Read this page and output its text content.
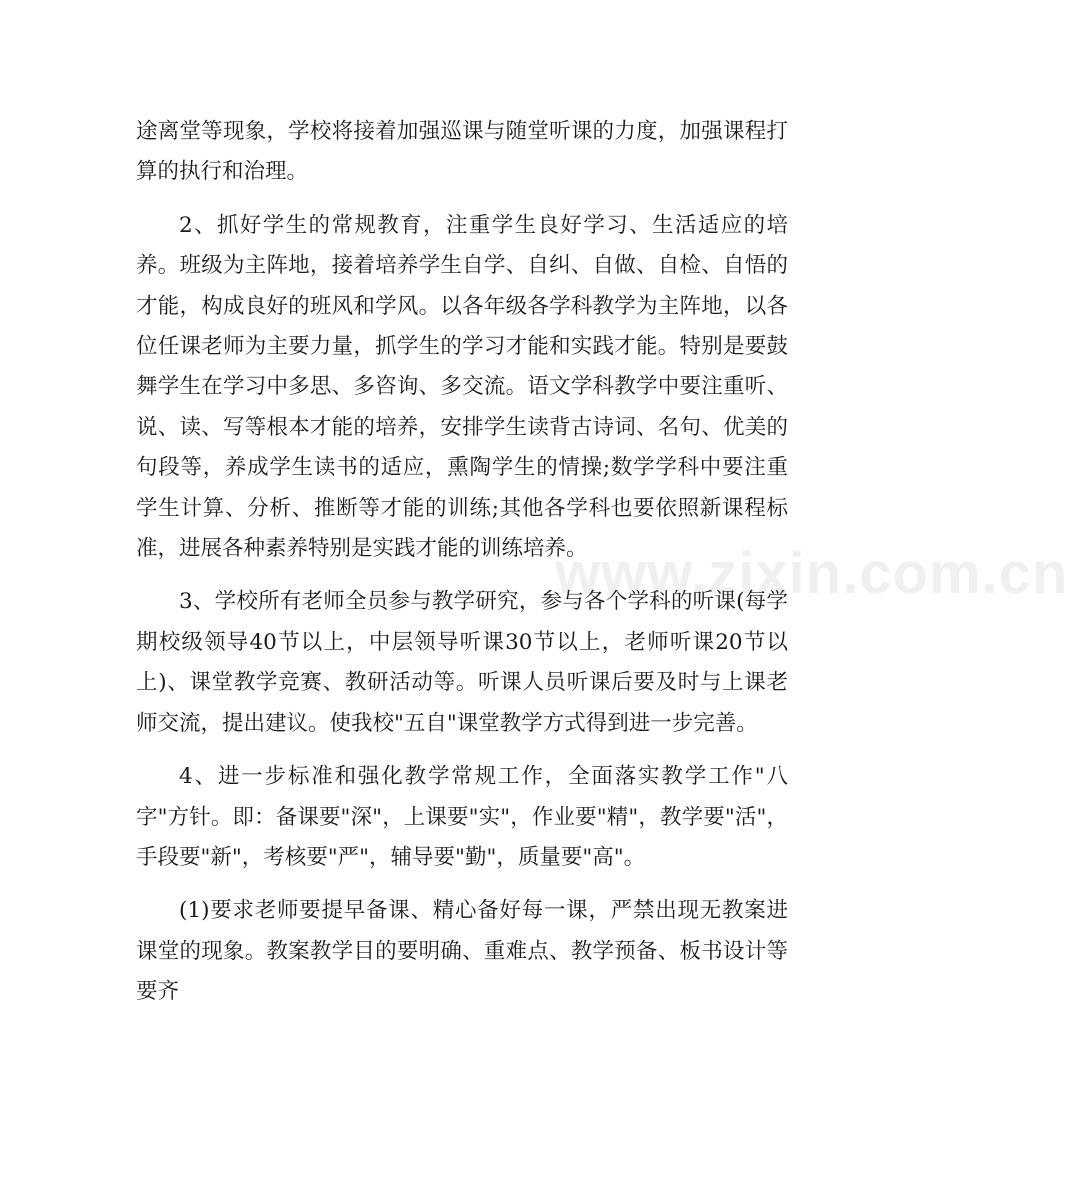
途离堂等现象，学校将接着加强巡课与随堂听课的力度，加强课程打算的执行和治理。

2、抓好学生的常规教育，注重学生良好学习、生活适应的培养。班级为主阵地，接着培养学生自学、自纠、自做、自检、自悟的才能，构成良好的班风和学风。以各年级各学科教学为主阵地，以各位任课老师为主要力量，抓学生的学习才能和实践才能。特别是要鼓舞学生在学习中多思、多咨询、多交流。语文学科教学中要注重听、说、读、写等根本才能的培养，安排学生读背古诗词、名句、优美的句段等，养成学生读书的适应，熏陶学生的情操;数学学科中要注重学生计算、分析、推断等才能的训练;其他各学科也要依照新课程标准，进展各种素养特别是实践才能的训练培养。

3、学校所有老师全员参与教学研究，参与各个学科的听课(每学期校级领导40节以上，中层领导听课30节以上，老师听课20节以上)、课堂教学竞赛、教研活动等。听课人员听课后要及时与上课老师交流，提出建议。使我校"五自"课堂教学方式得到进一步完善。

4、进一步标准和强化教学常规工作，全面落实教学工作"八字"方针。即：备课要"深"，上课要"实"，作业要"精"，教学要"活"，手段要"新"，考核要"严"，辅导要"勤"，质量要"高"。

(1)要求老师要提早备课、精心备好每一课，严禁出现无教案进课堂的现象。教案教学目的要明确、重难点、教学预备、板书设计等要齐

www.zixin.com.cn
